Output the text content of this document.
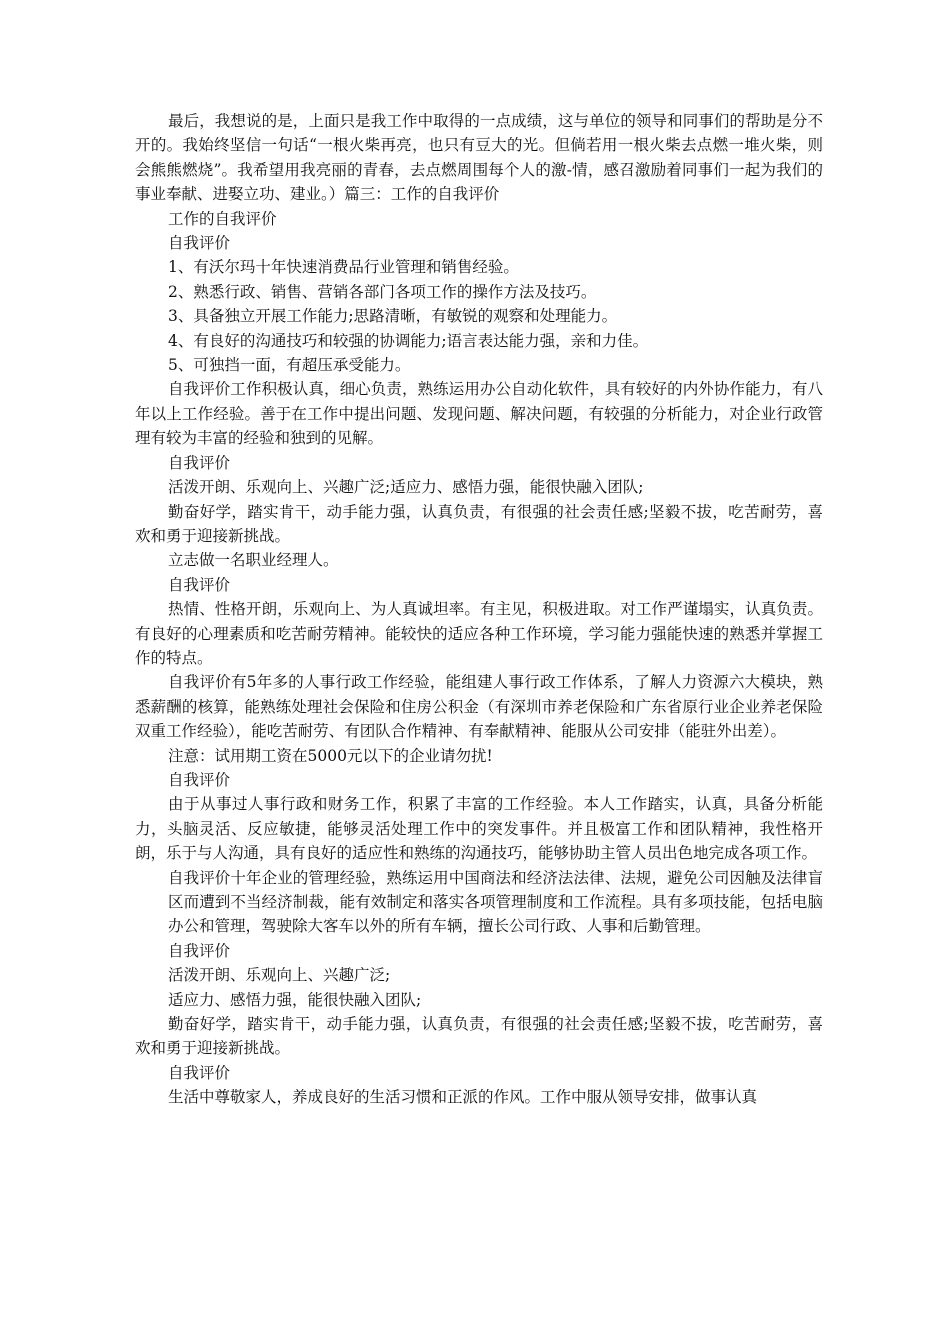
最后，我想说的是，上面只是我工作中取得的一点成绩，这与单位的领导和同事们的帮助是分不开的。我始终坚信一句话“一根火柴再亮，也只有豆大的光。但倘若用一根火柴去点燃一堆火柴，则会熊熊燃烧”。我希望用我亮丽的青春，去点燃周围每个人的激-情，感召激励着同事们一起为我们的事业奉献、进娶立功、建业。）篇三：工作的自我评价

工作的自我评价

自我评价

1、有沃尔玛十年快速消费品行业管理和销售经验。

2、熟悉行政、销售、营销各部门各项工作的操作方法及技巧。

3、具备独立开展工作能力;思路清晰，有敏锐的观察和处理能力。

4、有良好的沟通技巧和较强的协调能力;语言表达能力强，亲和力佳。

5、可独挡一面，有超压承受能力。

自我评价工作积极认真，细心负责，熟练运用办公自动化软件，具有较好的内外协作能力，有八年以上工作经验。善于在工作中提出问题、发现问题、解决问题，有较强的分析能力，对企业行政管理有较为丰富的经验和独到的见解。

自我评价

活泼开朗、乐观向上、兴趣广泛;适应力、感悟力强，能很快融入团队;

勤奋好学，踏实肯干，动手能力强，认真负责，有很强的社会责任感;坚毅不拔，吃苦耐劳，喜欢和勇于迎接新挑战。

立志做一名职业经理人。

自我评价

热情、性格开朗，乐观向上、为人真诚坦率。有主见，积极进取。对工作严谨塌实，认真负责。有良好的心理素质和吃苦耐劳精神。能较快的适应各种工作环境，学习能力强能快速的熟悉并掌握工作的特点。

自我评价有5年多的人事行政工作经验，能组建人事行政工作体系，了解人力资源六大模块，熟悉薪酬的核算，能熟练处理社会保险和住房公积金（有深圳市养老保险和广东省原行业企业养老保险双重工作经验），能吃苦耐劳、有团队合作精神、有奉献精神、能服从公司安排（能驻外出差）。

注意：试用期工资在5000元以下的企业请勿扰!

自我评价

由于从事过人事行政和财务工作，积累了丰富的工作经验。本人工作踏实，认真，具备分析能力，头脑灵活、反应敏捷，能够灵活处理工作中的突发事件。并且极富工作和团队精神，我性格开朗，乐于与人沟通，具有良好的适应性和熟练的沟通技巧，能够协助主管人员出色地完成各项工作。

自我评价十年企业的管理经验，熟练运用中国商法和经济法法律、法规，避免公司因触及法律盲区而遭到不当经济制裁，能有效制定和落实各项管理制度和工作流程。具有多项技能，包括电脑办公和管理，驾驶除大客车以外的所有车辆，擅长公司行政、人事和后勤管理。

自我评价

活泼开朗、乐观向上、兴趣广泛;

适应力、感悟力强，能很快融入团队;

勤奋好学，踏实肯干，动手能力强，认真负责，有很强的社会责任感;坚毅不拔，吃苦耐劳，喜欢和勇于迎接新挑战。

自我评价

生活中尊敬家人，养成良好的生活习惯和正派的作风。工作中服从领导安排，做事认真
